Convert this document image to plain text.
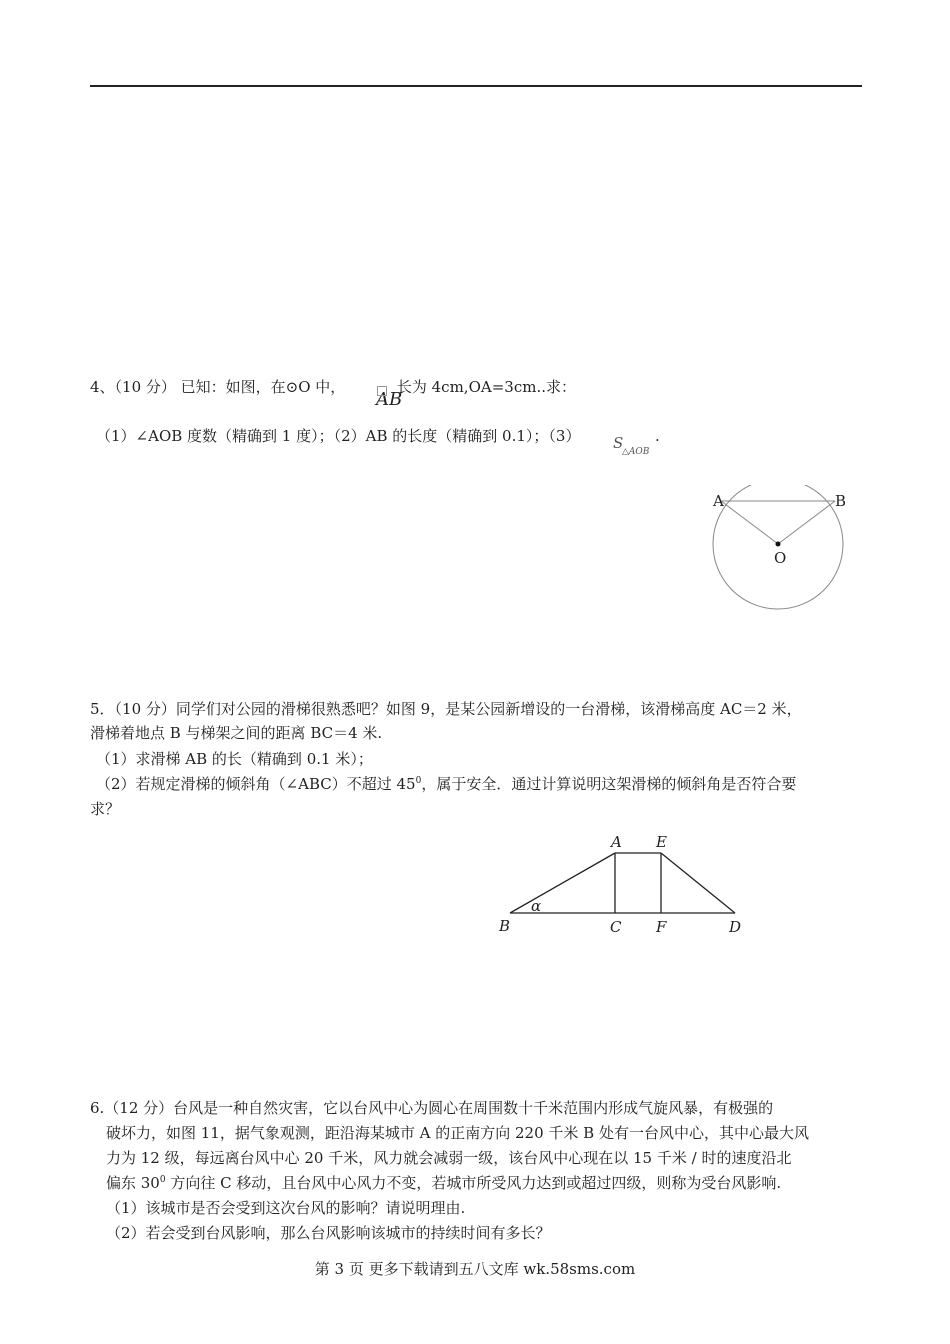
4、（10 分） 已知：如图，在⊙O 中，	长为 4cm,OA=3cm..求：
AB
（1）∠AOB 度数（精确到 1 度）；（2）AB 的长度（精确到 0.1）；（3） S
△AOB
.
A	B
O
5．（10 分）同学们对公园的滑梯很熟悉吧？如图 9，是某公园新增设的一台滑梯，该滑梯高度 AC＝2 米，
滑梯着地点 B 与梯架之间的距离 BC＝4 米.
（1）求滑梯 AB 的长（精确到 0.1 米）；
（2）若规定滑梯的倾斜角（∠ABC）不超过 $45^0$，属于安全．通过计算说明这架滑梯的倾斜角是否符合要
求？
A E
B	C F	D
α
6.（12 分）台风是一种自然灾害，它以台风中心为圆心在周围数十千米范围内形成气旋风暴，有极强的
破坏力，如图 11，据气象观测，距沿海某城市 A 的正南方向 220 千米 B 处有一台风中心，其中心最大风
力为 12 级，每远离台风中心 20 千米，风力就会减弱一级，该台风中心现在以 15 千米 / 时的速度沿北
偏东 $30^0$ 方向往 C 移动，且台风中心风力不变，若城市所受风力达到或超过四级，则称为受台风影响.
（1）该城市是否会受到这次台风的影响？请说明理由.
（2）若会受到台风影响，那么台风影响该城市的持续时间有多长？
第 3 页 更多下载请到五八文库 wk.58sms.com
